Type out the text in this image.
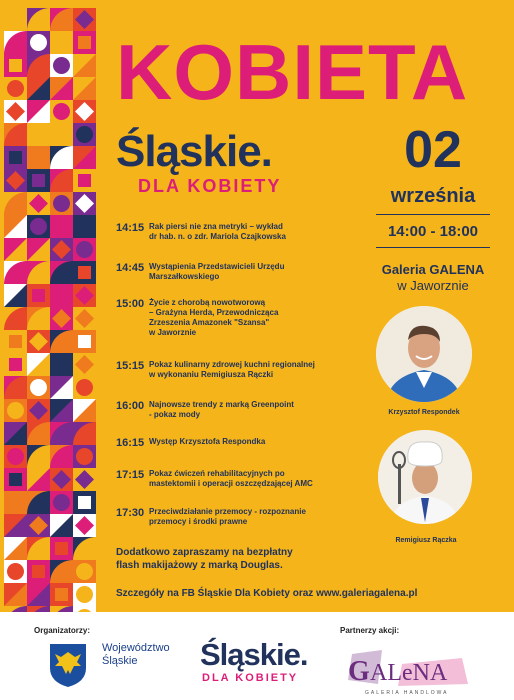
KOBIETA
Śląskie.
DLA KOBIETY
02
września
14:00 - 18:00
Galeria GALENA
w Jaworznie
14:15 Rak piersi nie zna metryki – wykład
dr hab. n. o zdr. Mariola Czajkowska
14:45 Wystąpienia Przedstawicieli Urzędu
Marszałkowskiego
15:00 Życie z chorobą nowotworową
– Grażyna Herda, Przewodnicząca
Zrzeszenia Amazonek "Szansa"
w Jaworznie
15:15 Pokaz kulinarny zdrowej kuchni regionalnej
w wykonaniu Remigiusza Rączki
16:00 Najnowsze trendy z marką Greenpoint
- pokaz mody
16:15 Występ Krzysztofa Respondka
17:15 Pokaz ćwiczeń rehabilitacyjnych po
mastektomii i operacji oszczędzającej AMC
17:30 Przeciwdziałanie przemocy - rozpoznanie
przemocy i środki prawne
Dodatkowo zapraszamy na bezpłatny
flash makijażowy z marką Douglas.
Szczegóły na FB Śląskie Dla Kobiety oraz www.galeriagalena.pl
Krzysztof Respondek
Remigiusz Rączka
Organizatorzy:	Partnerzy akcji:
Województwo
Śląskie	Śląskie.
DLA KOBIETY	G ALeNA
GALERIA HANDLOWA
